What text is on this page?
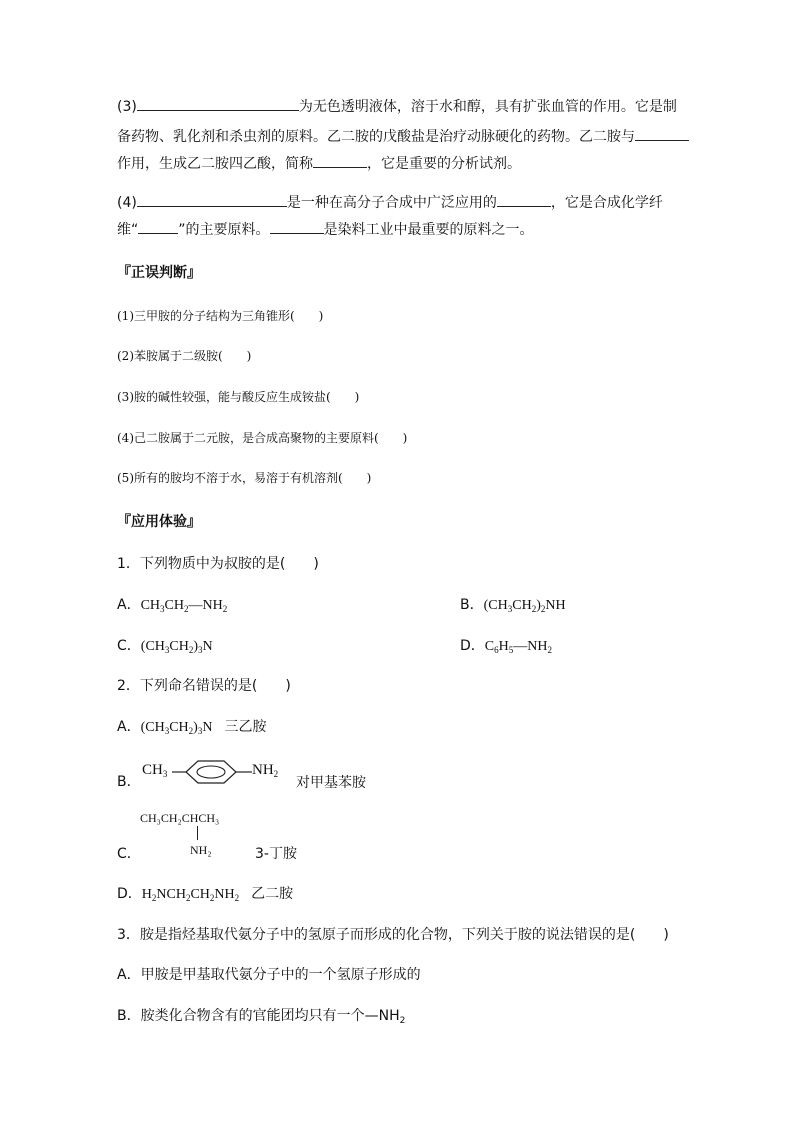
(3)	为无色透明液体，溶于水和醇，具有扩张血管的作用。它是制
备药物、乳化剂和杀虫剂的原料。乙二胺的戊酸盐是治疗动脉硬化的药物。乙二胺与
作用，生成乙二胺四乙酸，简称	，它是重要的分析试剂。
(4)	是一种在高分子合成中广泛应用的	，它是合成化学纤
维“	”的主要原料。	是染料工业中最重要的原料之一。
『正误判断』
(1)三甲胺的分子结构为三角锥形(　　)
(2)苯胺属于二级胺(　　)
(3)胺的碱性较强，能与酸反应生成铵盐(　　)
(4)己二胺属于二元胺，是合成高聚物的主要原料(　　)
(5)所有的胺均不溶于水，易溶于有机溶剂(　　)
『应用体验』
1．下列物质中为叔胺的是(　　)
A．$CH_3CH_2—NH_2$	B．$(CH_3CH_2)_2NH$
C．$(CH_3CH_2)_3N$	D．$C_6H_5—NH_2$
2．下列命名错误的是(　　)
A．$(CH_3CH_2)_3N$ 三乙胺
B．
$CH_3$	$NH_2$
对甲基苯胺
CH₃CH₂CHCH₃
NH₂
C．	3-丁胺
D．$H_2NCH_2CH_2NH_2$ 乙二胺
3．胺是指烃基取代氨分子中的氢原子而形成的化合物，下列关于胺的说法错误的是(　　)
A．甲胺是甲基取代氨分子中的一个氢原子形成的
B．胺类化合物含有的官能团均只有一个$—NH_2$
